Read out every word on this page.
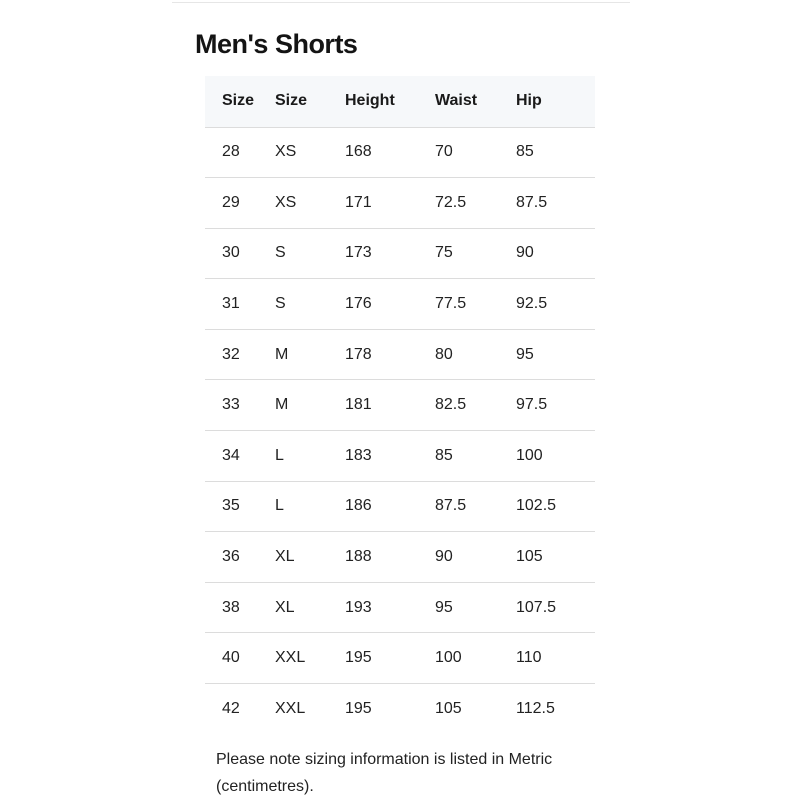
Men's Shorts
Size	Size	Height	Waist	Hip
28	XS	168	70	85
29	XS	171	72.5	87.5
30	S	173	75	90
31	S	176	77.5	92.5
32	M	178	80	95
33	M	181	82.5	97.5
34	L	183	85	100
35	L	186	87.5	102.5
36	XL	188	90	105
38	XL	193	95	107.5
40	XXL	195	100	110
42	XXL	195	105	112.5

Please note sizing information is listed in Metric (centimetres).
